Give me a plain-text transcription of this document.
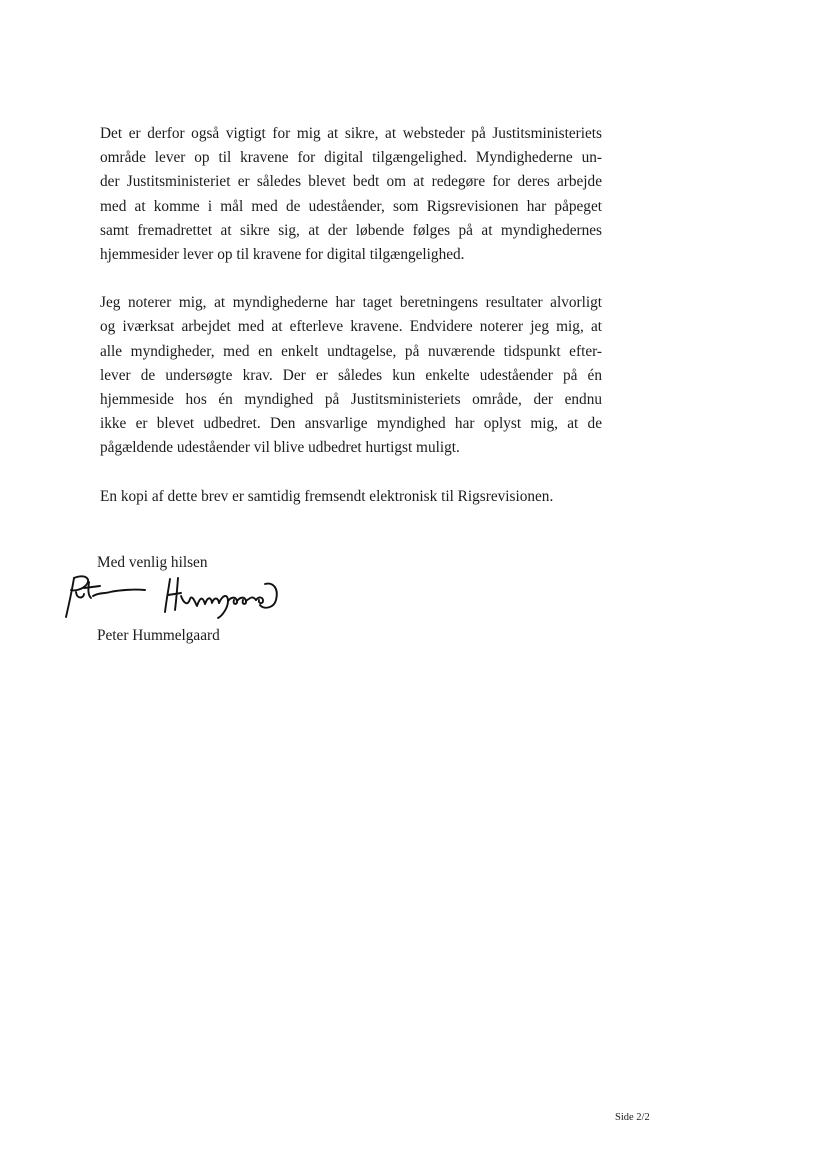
Det er derfor også vigtigt for mig at sikre, at websteder på Justitsministeriets
område lever op til kravene for digital tilgængelighed. Myndighederne un-
der Justitsministeriet er således blevet bedt om at redegøre for deres arbejde
med at komme i mål med de udeståender, som Rigsrevisionen har påpeget
samt fremadrettet at sikre sig, at der løbende følges på at myndighedernes
hjemmesider lever op til kravene for digital tilgængelighed.

Jeg noterer mig, at myndighederne har taget beretningens resultater alvorligt
og iværksat arbejdet med at efterleve kravene. Endvidere noterer jeg mig, at
alle myndigheder, med en enkelt undtagelse, på nuværende tidspunkt efter-
lever de undersøgte krav. Der er således kun enkelte udeståender på én
hjemmeside hos én myndighed på Justitsministeriets område, der endnu
ikke er blevet udbedret. Den ansvarlige myndighed har oplyst mig, at de
pågældende udeståender vil blive udbedret hurtigst muligt.

En kopi af dette brev er samtidig fremsendt elektronisk til Rigsrevisionen.

Med venlig hilsen
Peter Hummelgaard
Side 2/2
